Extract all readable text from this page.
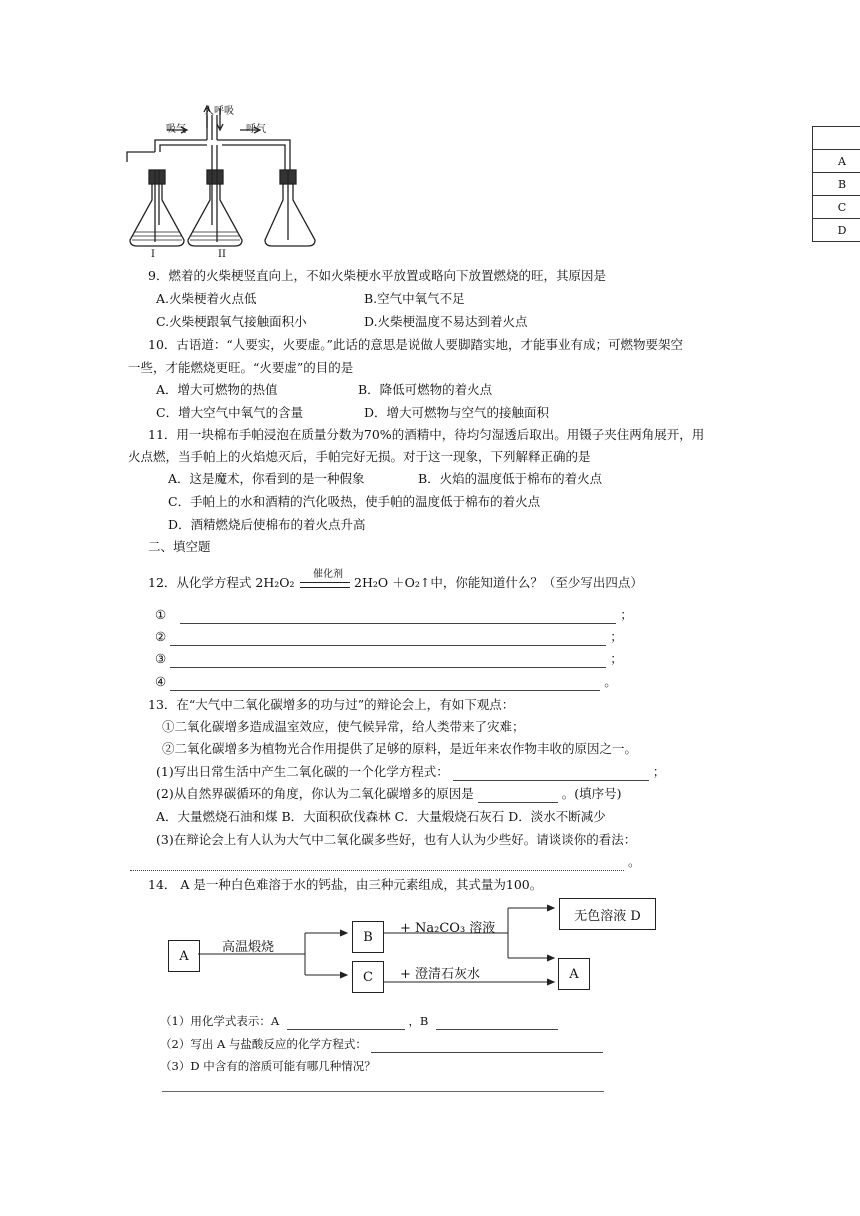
人呼吸
吸气	呼气
I	II

A
B
C
D
9．燃着的火柴梗竖直向上，不如火柴梗水平放置或略向下放置燃烧的旺，其原因是
A.火柴梗着火点低	B.空气中氧气不足
C.火柴梗跟氧气接触面积小	D.火柴梗温度不易达到着火点
10．古语道：“人要实，火要虚。”此话的意思是说做人要脚踏实地，才能事业有成；可燃物要架空
一些，才能燃烧更旺。“火要虚”的目的是
A．增大可燃物的热值	B．降低可燃物的着火点
C．增大空气中氧气的含量	D．增大可燃物与空气的接触面积
11．用一块棉布手帕浸泡在质量分数为70%的酒精中，待均匀湿透后取出。用镊子夹住两角展开，用
火点燃，当手帕上的火焰熄灭后，手帕完好无损。对于这一现象，下列解释正确的是
A．这是魔术，你看到的是一种假象	B．火焰的温度低于棉布的着火点
C．手帕上的水和酒精的汽化吸热，使手帕的温度低于棉布的着火点
D．酒精燃烧后使棉布的着火点升高
二、填空题
12．从化学方程式 2H₂O₂
催化剂
2H₂O ＋O₂↑中，你能知道什么？（至少写出四点）
①	；
②	；
③	；
④	。
13．在“大气中二氧化碳增多的功与过”的辩论会上，有如下观点：
①二氧化碳增多造成温室效应，使气候异常，给人类带来了灾难；
②二氧化碳增多为植物光合作用提供了足够的原料，是近年来农作物丰收的原因之一。
(1)写出日常生活中产生二氧化碳的一个化学方程式：	；
(2)从自然界碳循环的角度，你认为二氧化碳增多的原因是	。(填序号)
A．大量燃烧石油和煤 B．大面积砍伐森林 C．大量煅烧石灰石 D．淡水不断减少
(3)在辩论会上有人认为大气中二氧化碳多些好，也有人认为少些好。请谈谈你的看法：
。
14． A 是一种白色难溶于水的钙盐，由三种元素组成，其式量为100。
A
B
C	A
无色溶液 D
高温煅烧
+ Na₂CO₃ 溶液
+ 澄清石灰水
（1）用化学式表示：A	，B
（2）写出 A 与盐酸反应的化学方程式：
（3）D 中含有的溶质可能有哪几种情况？
